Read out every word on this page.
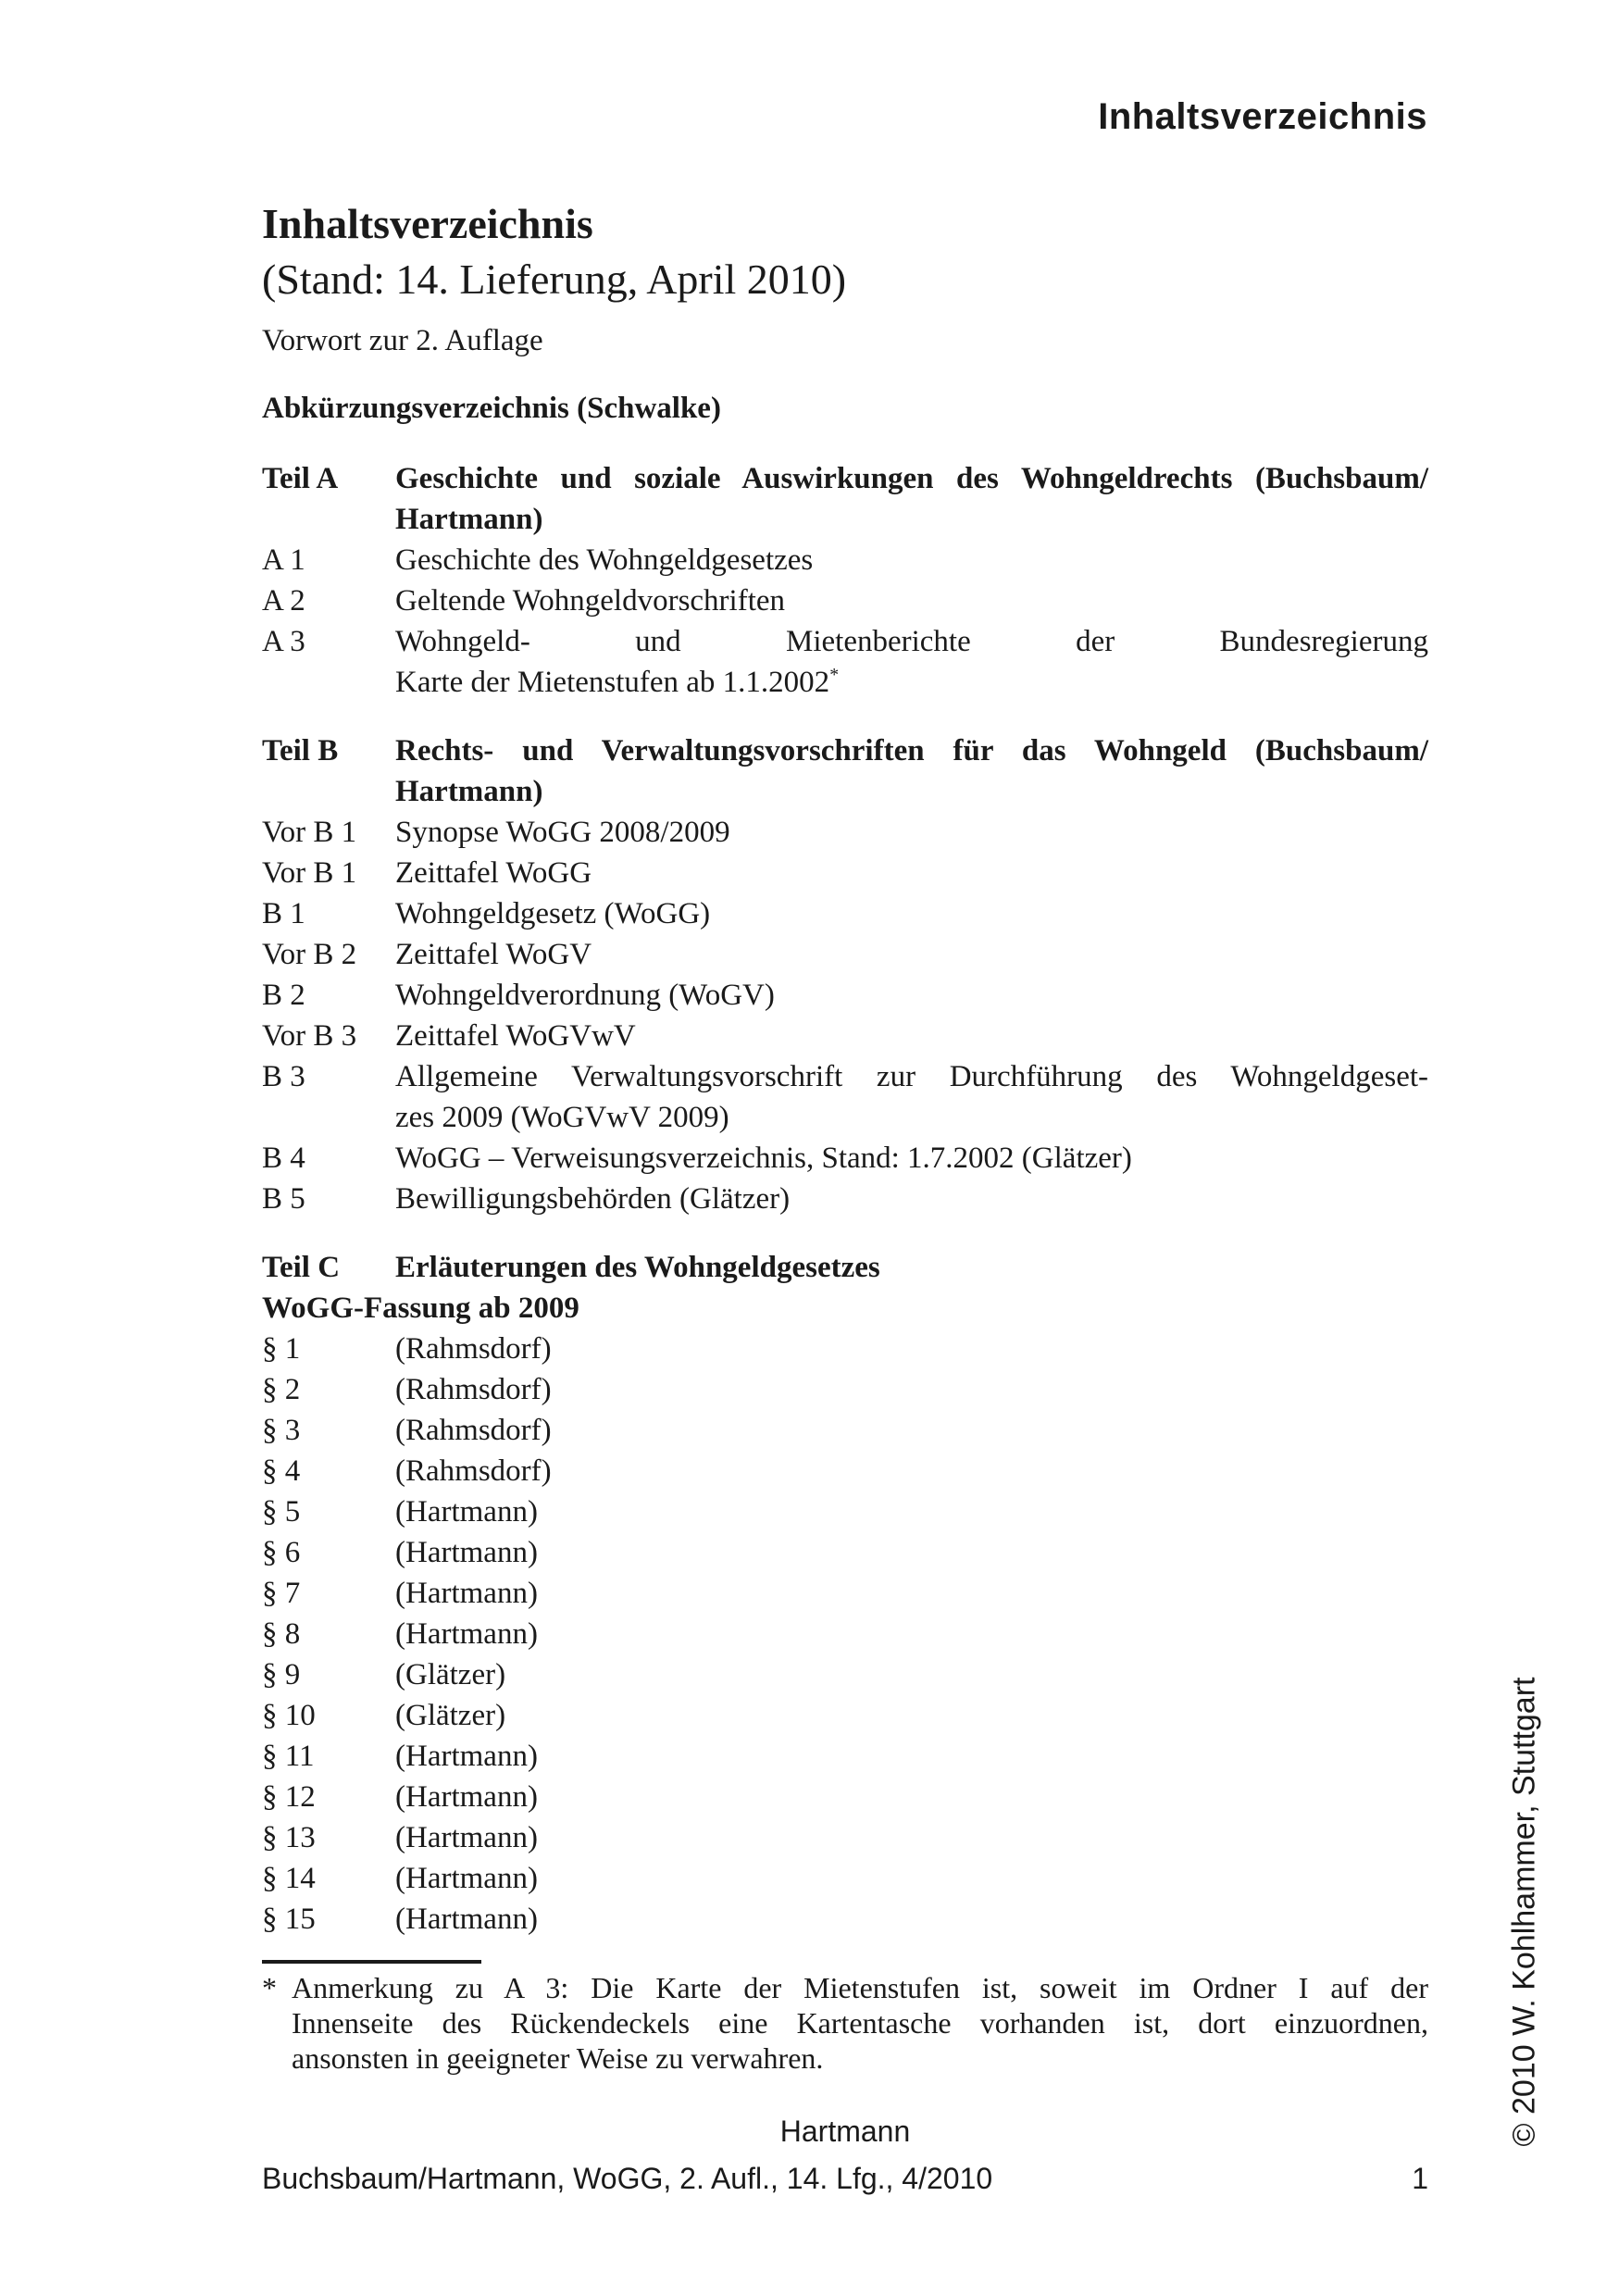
Inhaltsverzeichnis
Inhaltsverzeichnis
(Stand: 14. Lieferung, April 2010)
Vorwort zur 2. Auflage
Abkürzungsverzeichnis (Schwalke)
Teil A	Geschichte und soziale Auswirkungen des Wohngeldrechts (Buchsbaum/
Hartmann)
A 1	Geschichte des Wohngeldgesetzes
A 2	Geltende Wohngeldvorschriften
A 3	Wohngeld- und Mietenberichte der Bundesregierung
Karte der Mietenstufen ab 1.1.2002*
Teil B	Rechts- und Verwaltungsvorschriften für das Wohngeld (Buchsbaum/
Hartmann)
Vor B 1	Synopse WoGG 2008/2009
Vor B 1	Zeittafel WoGG
B 1	Wohngeldgesetz (WoGG)
Vor B 2	Zeittafel WoGV
B 2	Wohngeldverordnung (WoGV)
Vor B 3	Zeittafel WoGVwV
B 3	Allgemeine Verwaltungsvorschrift zur Durchführung des Wohngeldgeset-
zes 2009 (WoGVwV 2009)
B 4	WoGG – Verweisungsverzeichnis, Stand: 1.7.2002 (Glätzer)
B 5	Bewilligungsbehörden (Glätzer)
Teil C	Erläuterungen des Wohngeldgesetzes
WoGG-Fassung ab 2009
§ 1	(Rahmsdorf)
§ 2	(Rahmsdorf)
§ 3	(Rahmsdorf)
§ 4	(Rahmsdorf)
§ 5	(Hartmann)
§ 6	(Hartmann)
§ 7	(Hartmann)
§ 8	(Hartmann)
§ 9	(Glätzer)
§ 10	(Glätzer)
§ 11	(Hartmann)
§ 12	(Hartmann)
§ 13	(Hartmann)
§ 14	(Hartmann)
§ 15	(Hartmann)
* Anmerkung zu A 3: Die Karte der Mietenstufen ist, soweit im Ordner I auf der
Innenseite des Rückendeckels eine Kartentasche vorhanden ist, dort einzuordnen,
ansonsten in geeigneter Weise zu verwahren.
Hartmann
Buchsbaum/Hartmann, WoGG, 2. Aufl., 14. Lfg., 4/2010	1
© 2010 W. Kohlhammer, Stuttgart
